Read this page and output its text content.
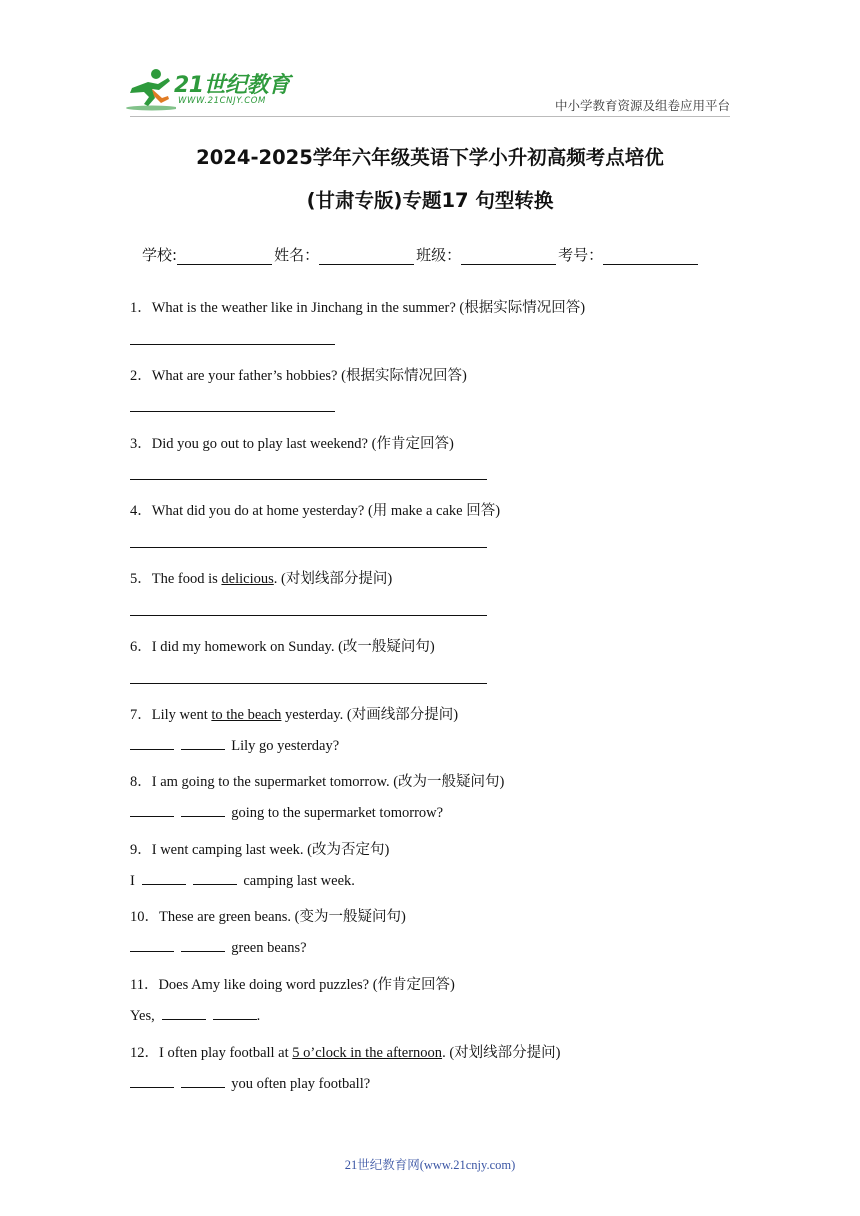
21世纪教育
WWW.21CNJY.COM	中小学教育资源及组卷应用平台
2024-2025学年六年级英语下学小升初高频考点培优
(甘肃专版)专题17 句型转换
学校:	姓名：	班级：	考号：
1．What is the weather like in Jinchang in the summer? (根据实际情况回答)
2．What are your father’s hobbies? (根据实际情况回答)
3．Did you go out to play last weekend? (作肯定回答)
4．What did you do at home yesterday? (用 make a cake 回答)
5．The food is delicious. (对划线部分提问)
6．I did my homework on Sunday. (改一般疑问句)
7．Lily went to the beach yesterday. (对画线部分提问)
Lily go yesterday?
8．I am going to the supermarket tomorrow. (改为一般疑问句)
going to the supermarket tomorrow?
9．I went camping last week. (改为否定句)
I	camping last week.
10．These are green beans. (变为一般疑问句)
green beans?
11．Does Amy like doing word puzzles? (作肯定回答)
Yes,	.
12．I often play football at 5 o’clock in the afternoon. (对划线部分提问)
you often play football?
21世纪教育网(www.21cnjy.com)
